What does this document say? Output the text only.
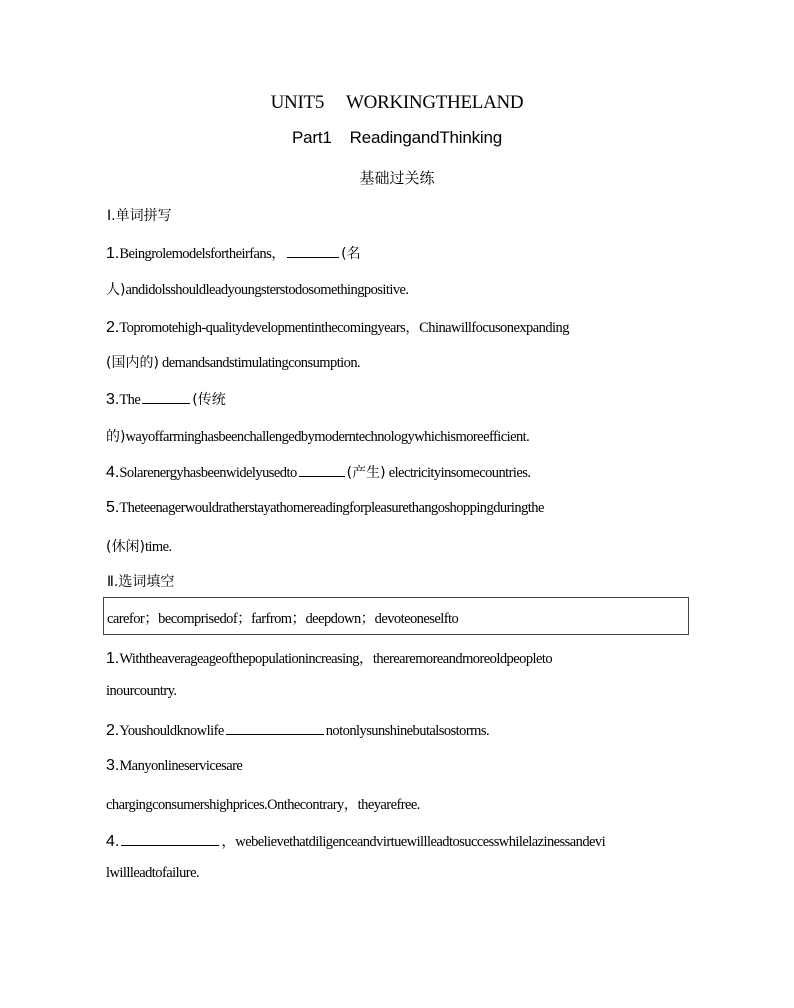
UNIT5 WORKINGTHELAND
Part1 ReadingandThinking
基础过关练
Ⅰ.单词拼写
1.Beingrolemodelsfortheirfans，	(名
人)andidolsshouldleadyoungsterstodosomethingpositive.
2.Topromotehigh-qualitydevelopmentinthecomingyears，Chinawillfocusonexpanding
(国内的) demandsandstimulatingconsumption.
3.The	(传统
的)wayoffarminghasbeenchallengedbymoderntechnologywhichismoreefficient.
4.Solarenergyhasbeenwidelyusedto	(产生) electricityinsomecountries.
5.Theteenagerwouldratherstayathomereadingforpleasurethangoshoppingduringthe
(休闲)time.
Ⅱ.选词填空
carefor；becomprisedof；farfrom；deepdown；devoteoneselfto
1.Withtheaverageageofthepopulationincreasing，therearemoreandmoreoldpeopleto
inourcountry.
2.Youshouldknowlife	notonlysunshinebutalsostorms.
3.Manyonlineservicesare
chargingconsumershighprices.Onthecontrary，theyarefree.
4.	，webelievethatdiligenceandvirtuewillleadtosuccesswhilelazinessandevi
lwillleadtofailure.
